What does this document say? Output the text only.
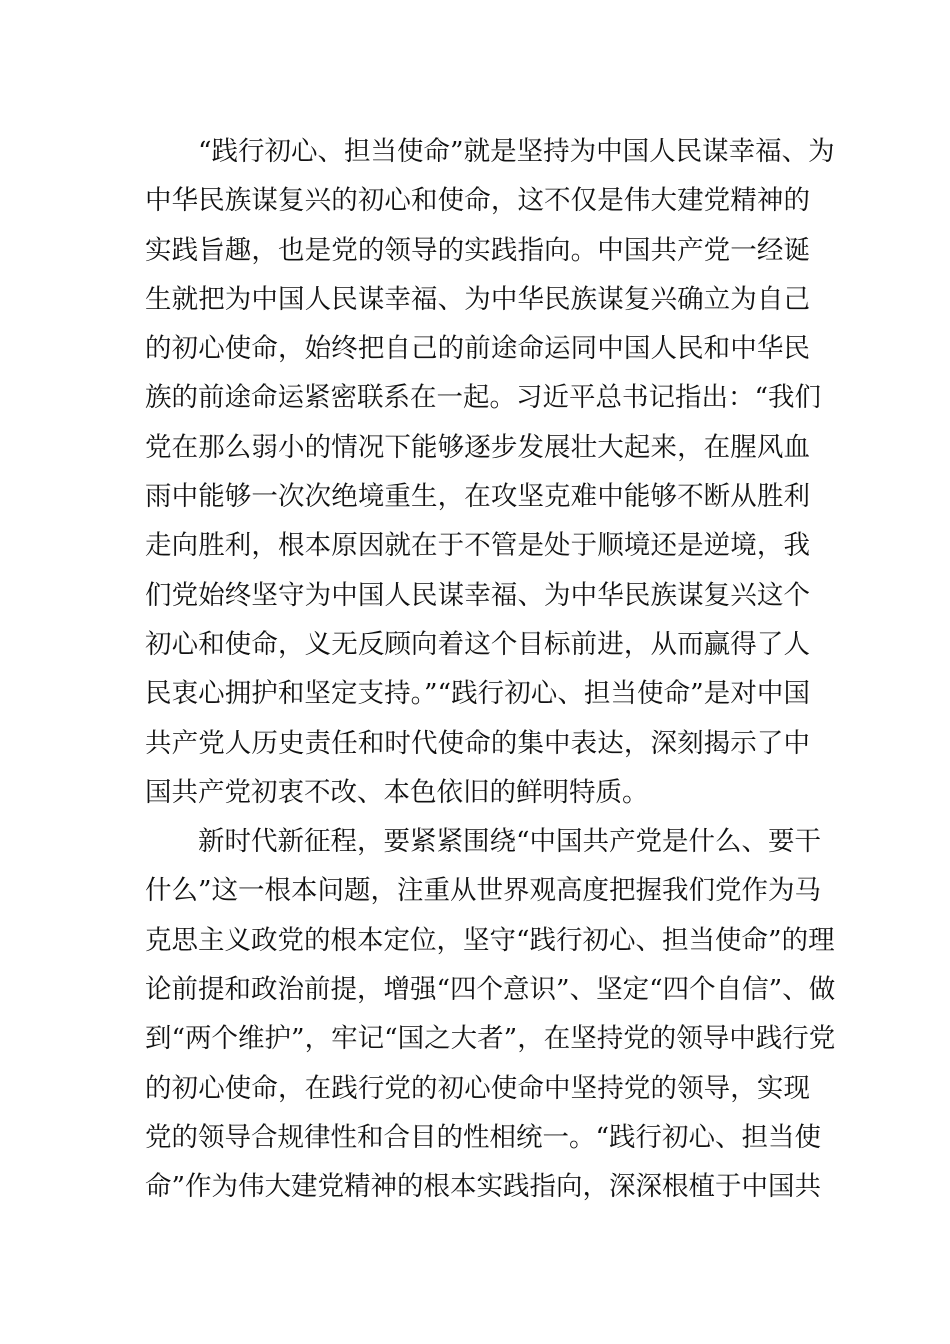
“践行初心、担当使命”就是坚持为中国人民谋幸福、为
中华民族谋复兴的初心和使命，这不仅是伟大建党精神的
实践旨趣，也是党的领导的实践指向。中国共产党一经诞
生就把为中国人民谋幸福、为中华民族谋复兴确立为自己
的初心使命，始终把自己的前途命运同中国人民和中华民
族的前途命运紧密联系在一起。习近平总书记指出：“我们
党在那么弱小的情况下能够逐步发展壮大起来，在腥风血
雨中能够一次次绝境重生，在攻坚克难中能够不断从胜利
走向胜利，根本原因就在于不管是处于顺境还是逆境，我
们党始终坚守为中国人民谋幸福、为中华民族谋复兴这个
初心和使命，义无反顾向着这个目标前进，从而赢得了人
民衷心拥护和坚定支持。”“践行初心、担当使命”是对中国
共产党人历史责任和时代使命的集中表达，深刻揭示了中
国共产党初衷不改、本色依旧的鲜明特质。
新时代新征程，要紧紧围绕“中国共产党是什么、要干
什么”这一根本问题，注重从世界观高度把握我们党作为马
克思主义政党的根本定位，坚守“践行初心、担当使命”的理
论前提和政治前提，增强“四个意识”、坚定“四个自信”、做
到“两个维护”，牢记“国之大者”，在坚持党的领导中践行党
的初心使命，在践行党的初心使命中坚持党的领导，实现
党的领导合规律性和合目的性相统一。“践行初心、担当使
命”作为伟大建党精神的根本实践指向，深深根植于中国共
